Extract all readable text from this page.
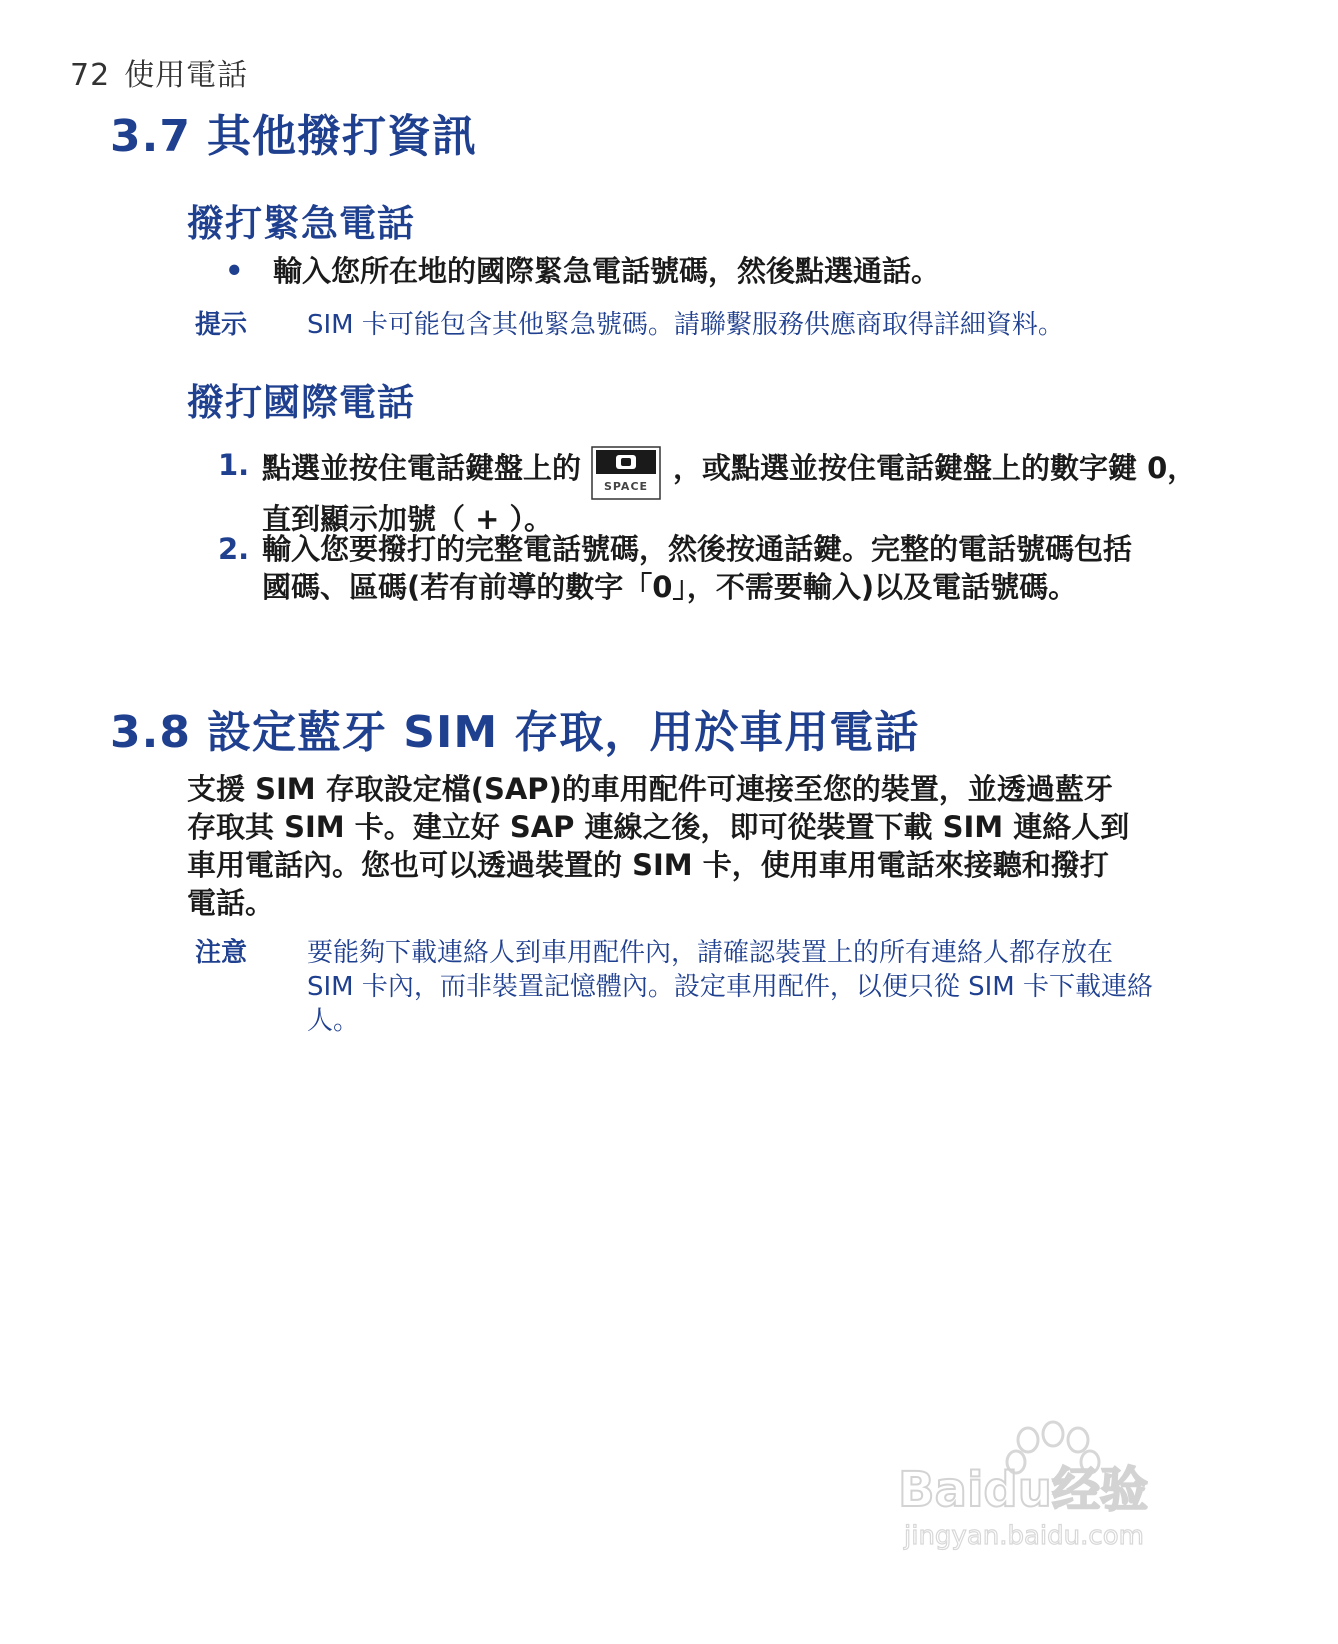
72 使用電話
3.7 其他撥打資訊
撥打緊急電話
• 輸入您所在地的國際緊急電話號碼，然後點選通話。
提示 SIM 卡可能包含其他緊急號碼。請聯繫服務供應商取得詳細資料。
撥打國際電話
1. 點選並按住電話鍵盤上的
SPACE
，或點選並按住電話鍵盤上的數字鍵 0，直到顯示加號（ + ）。
2. 輸入您要撥打的完整電話號碼，然後按通話鍵。完整的電話號碼包括國碼、區碼(若有前導的數字「0」，不需要輸入)以及電話號碼。
3.8 設定藍牙 SIM 存取，用於車用電話
支援 SIM 存取設定檔(SAP)的車用配件可連接至您的裝置，並透過藍牙存取其 SIM 卡。建立好 SAP 連線之後，即可從裝置下載 SIM 連絡人到車用電話內。您也可以透過裝置的 SIM 卡，使用車用電話來接聽和撥打電話。
注意 要能夠下載連絡人到車用配件內，請確認裝置上的所有連絡人都存放在 SIM 卡內，而非裝置記憶體內。設定車用配件，以便只從 SIM 卡下載連絡人。
Baidu经验
jingyan.baidu.com
